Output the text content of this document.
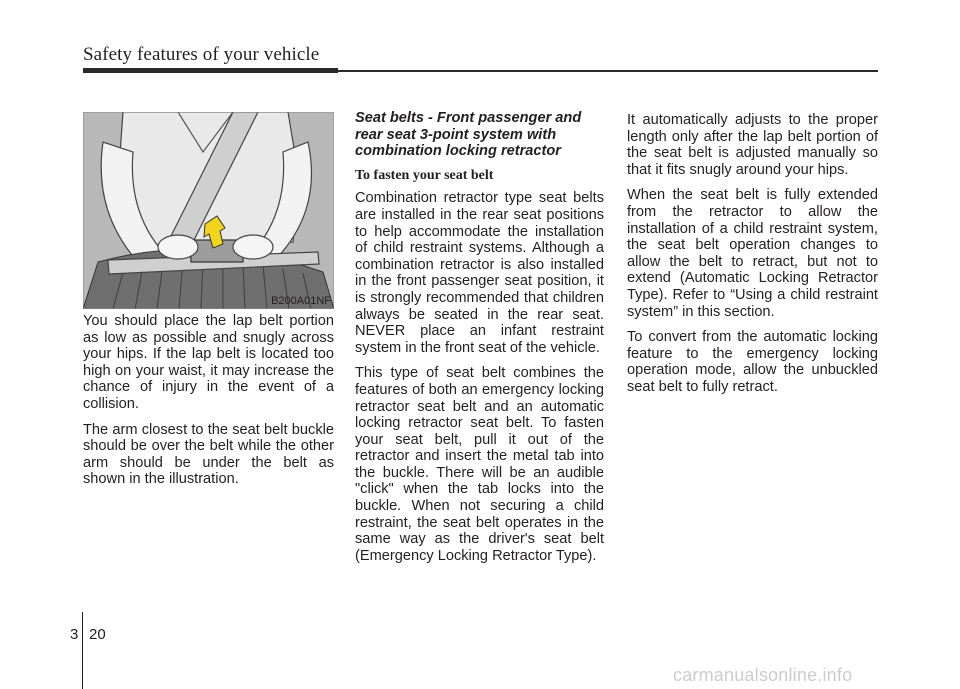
Safety features of your vehicle
B200A01NF

You should place the lap belt portion as low as possible and snugly across your hips. If the lap belt is located too high on your waist, it may increase the chance of injury in the event of a collision.

The arm closest to the seat belt buckle should be over the belt while the other arm should be under the belt as shown in the illustration.

Seat belts - Front passenger and rear seat 3-point system with combination locking retractor
To fasten your seat belt

Combination retractor type seat belts are installed in the rear seat positions to help accommodate the installation of child restraint systems. Although a combination retractor is also installed in the front passenger seat position, it is strongly recommended that children always be seated in the rear seat. NEVER place an infant restraint system in the front seat of the vehicle.

This type of seat belt combines the features of both an emergency locking retractor seat belt and an automatic locking retractor seat belt. To fasten your seat belt, pull it out of the retractor and insert the metal tab into the buckle. There will be an audible "click" when the tab locks into the buckle. When not securing a child restraint, the seat belt operates in the same way as the driver's seat belt (Emergency Locking Retractor Type).

It automatically adjusts to the proper length only after the lap belt portion of the seat belt is adjusted manually so that it fits snugly around your hips.

When the seat belt is fully extended from the retractor to allow the installation of a child restraint system, the seat belt operation changes to allow the belt to retract, but not to extend (Automatic Locking Retractor Type). Refer to “Using a child restraint system” in this section.

To convert from the automatic locking feature to the emergency locking operation mode, allow the unbuckled seat belt to fully retract.

3 20
carmanualsonline.info
